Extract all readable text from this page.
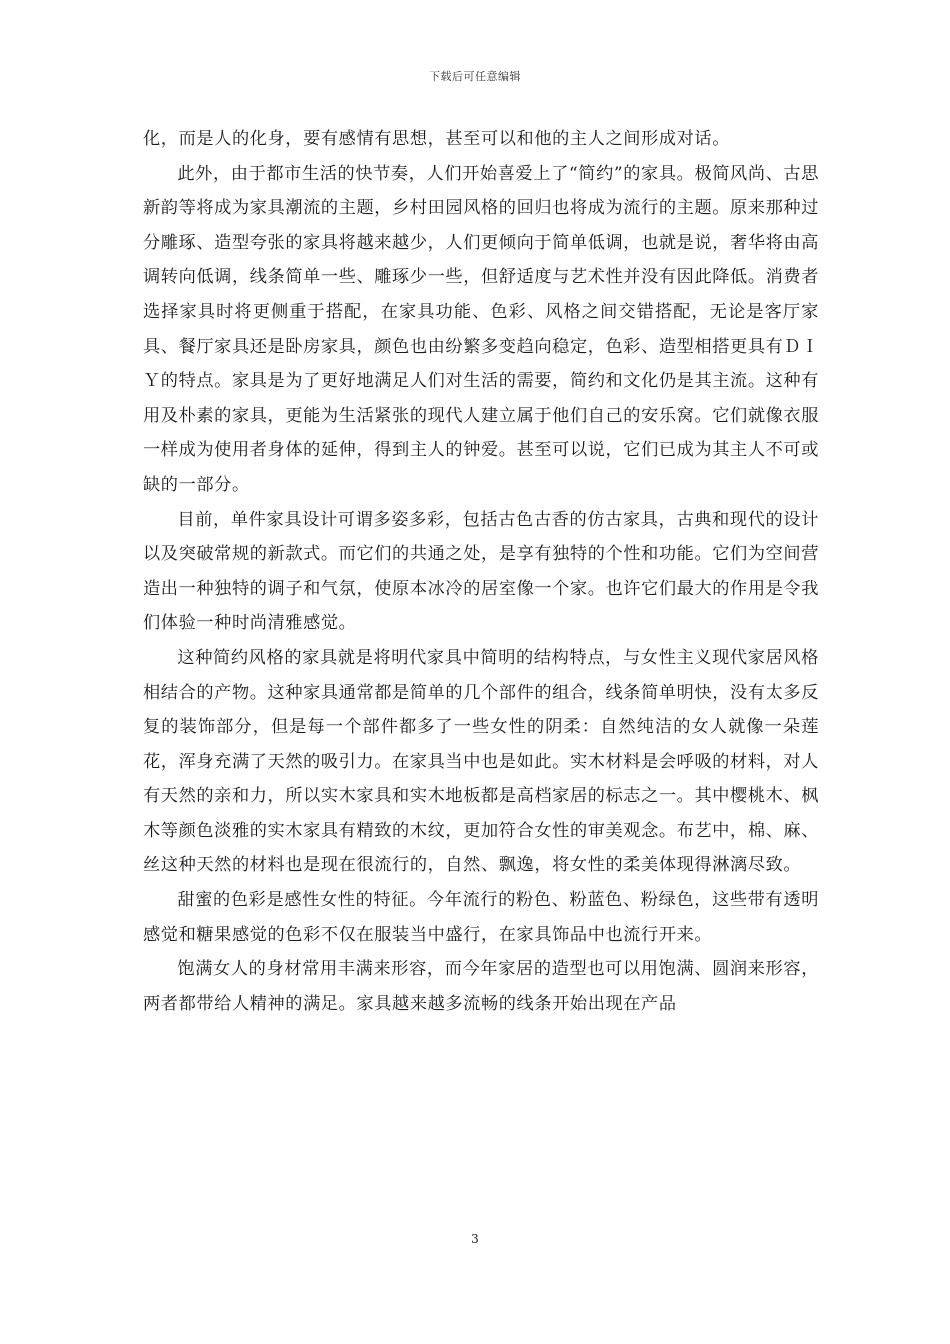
下载后可任意编辑

化，而是人的化身，要有感情有思想，甚至可以和他的主人之间形成对话。

此外，由于都市生活的快节奏，人们开始喜爱上了“简约”的家具。极简风尚、古思新韵等将成为家具潮流的主题，乡村田园风格的回归也将成为流行的主题。原来那种过分雕琢、造型夸张的家具将越来越少，人们更倾向于简单低调，也就是说，奢华将由高调转向低调，线条简单一些、雕琢少一些，但舒适度与艺术性并没有因此降低。消费者选择家具时将更侧重于搭配，在家具功能、色彩、风格之间交错搭配，无论是客厅家具、餐厅家具还是卧房家具，颜色也由纷繁多变趋向稳定，色彩、造型相搭更具有ＤＩＹ的特点。家具是为了更好地满足人们对生活的需要，简约和文化仍是其主流。这种有用及朴素的家具，更能为生活紧张的现代人建立属于他们自己的安乐窝。它们就像衣服一样成为使用者身体的延伸，得到主人的钟爱。甚至可以说，它们已成为其主人不可或缺的一部分。

目前，单件家具设计可谓多姿多彩，包括古色古香的仿古家具，古典和现代的设计以及突破常规的新款式。而它们的共通之处，是享有独特的个性和功能。它们为空间营造出一种独特的调子和气氛，使原本冰冷的居室像一个家。也许它们最大的作用是令我们体验一种时尚清雅感觉。

这种简约风格的家具就是将明代家具中简明的结构特点，与女性主义现代家居风格相结合的产物。这种家具通常都是简单的几个部件的组合，线条简单明快，没有太多反复的装饰部分，但是每一个部件都多了一些女性的阴柔：自然纯洁的女人就像一朵莲花，浑身充满了天然的吸引力。在家具当中也是如此。实木材料是会呼吸的材料，对人有天然的亲和力，所以实木家具和实木地板都是高档家居的标志之一。其中樱桃木、枫木等颜色淡雅的实木家具有精致的木纹，更加符合女性的审美观念。布艺中，棉、麻、丝这种天然的材料也是现在很流行的，自然、飘逸，将女性的柔美体现得淋漓尽致。

甜蜜的色彩是感性女性的特征。今年流行的粉色、粉蓝色、粉绿色，这些带有透明感觉和糖果感觉的色彩不仅在服装当中盛行，在家具饰品中也流行开来。

饱满女人的身材常用丰满来形容，而今年家居的造型也可以用饱满、圆润来形容，两者都带给人精神的满足。家具越来越多流畅的线条开始出现在产品

3
